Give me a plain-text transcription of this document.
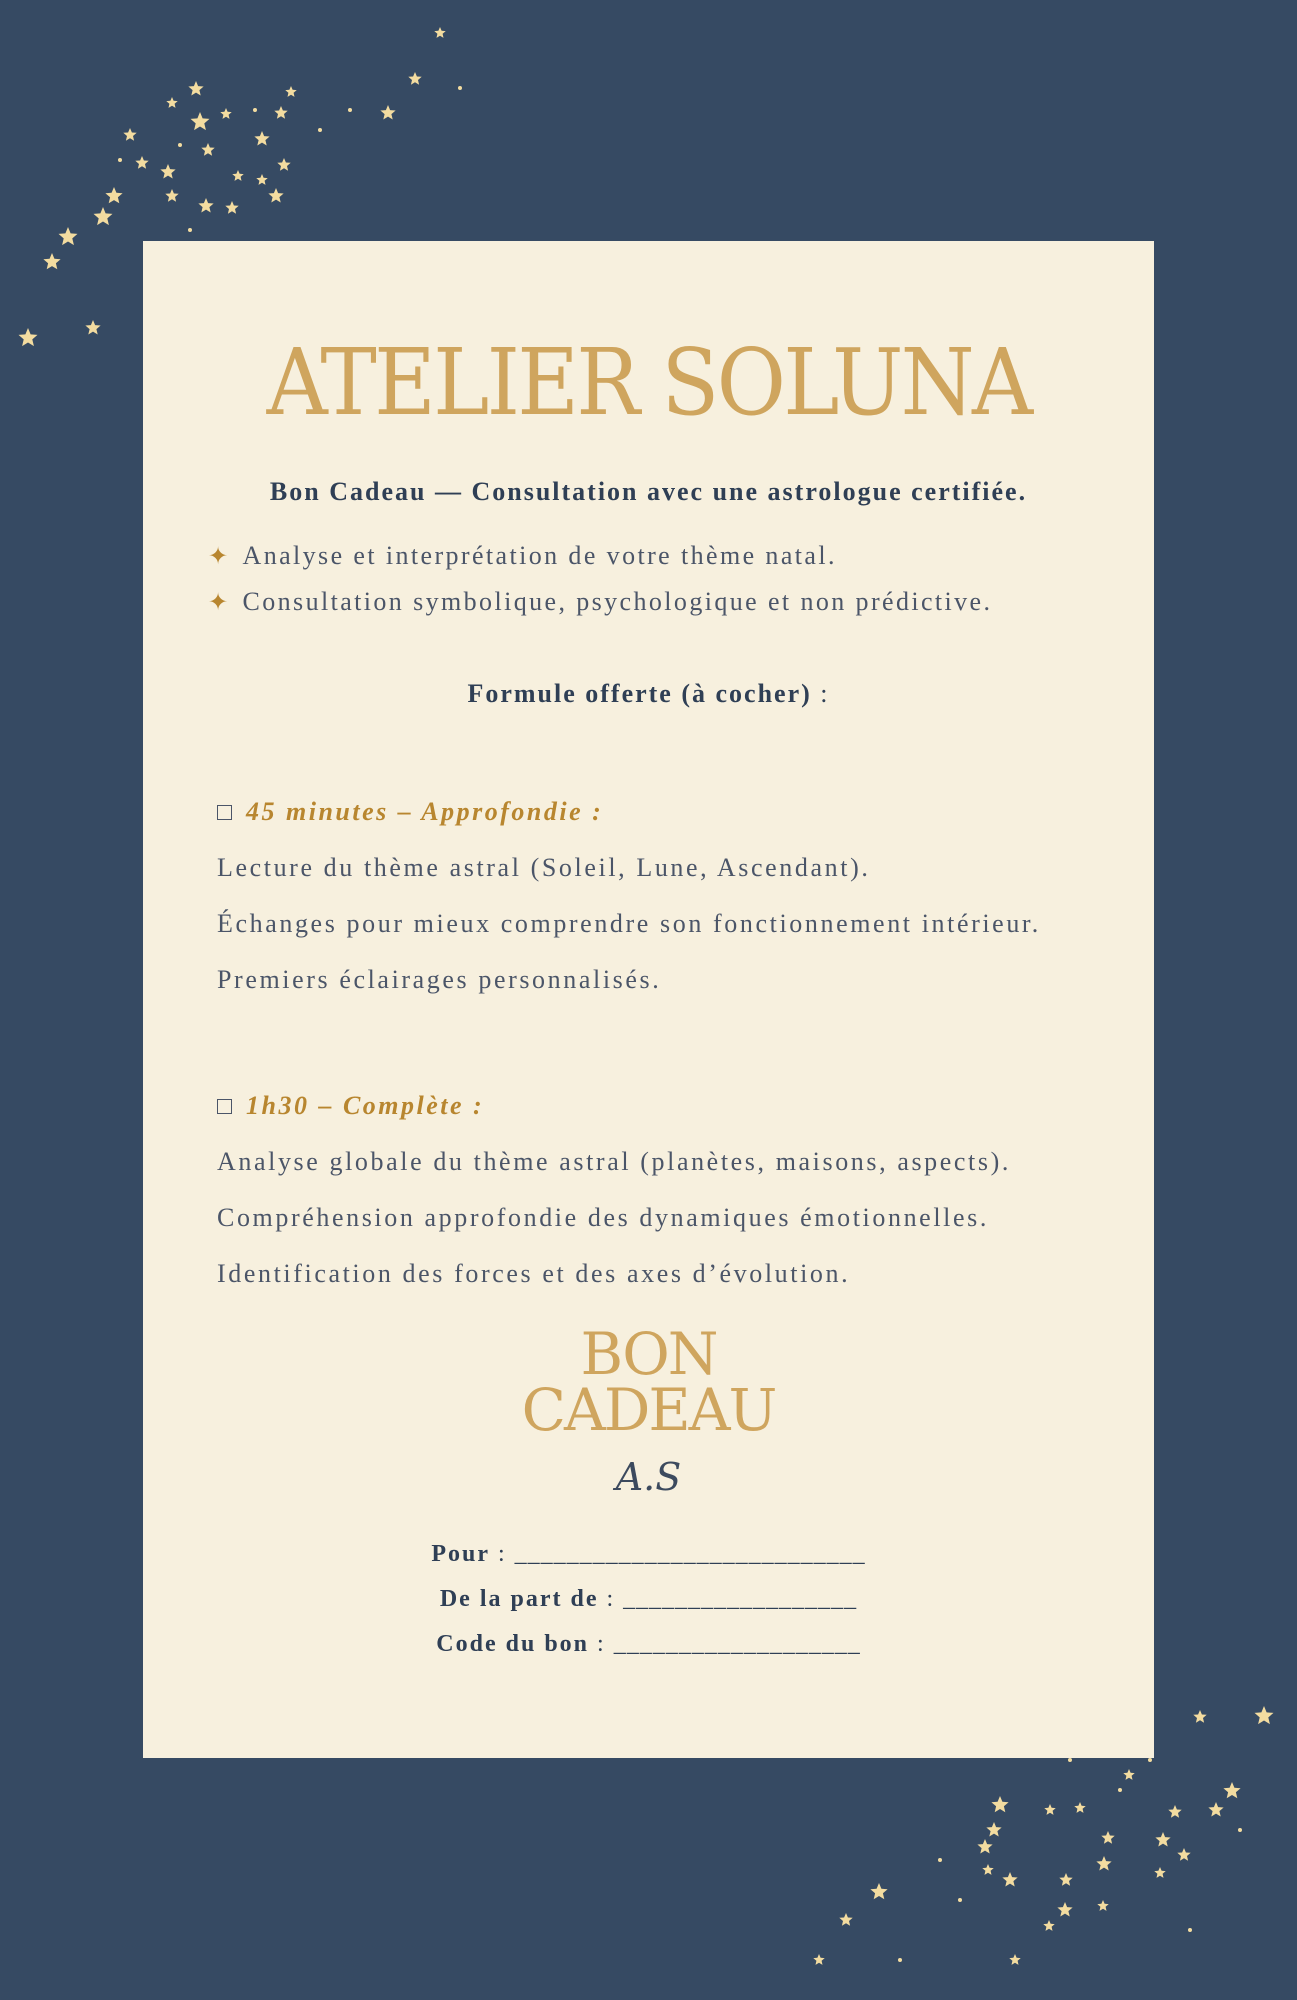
ATELIER SOLUNA
Bon Cadeau — Consultation avec une astrologue certifiée.
✦ Analyse et interprétation de votre thème natal.
✦ Consultation symbolique, psychologique et non prédictive.
Formule offerte (à cocher) :
45 minutes – Approfondie :
Lecture du thème astral (Soleil, Lune, Ascendant).
Échanges pour mieux comprendre son fonctionnement intérieur.
Premiers éclairages personnalisés.
1h30 – Complète :
Analyse globale du thème astral (planètes, maisons, aspects).
Compréhension approfondie des dynamiques émotionnelles.
Identification des forces et des axes d’évolution.
BON
CADEAU
A.S
Pour : ___________________________
De la part de : __________________
Code du bon : ___________________
